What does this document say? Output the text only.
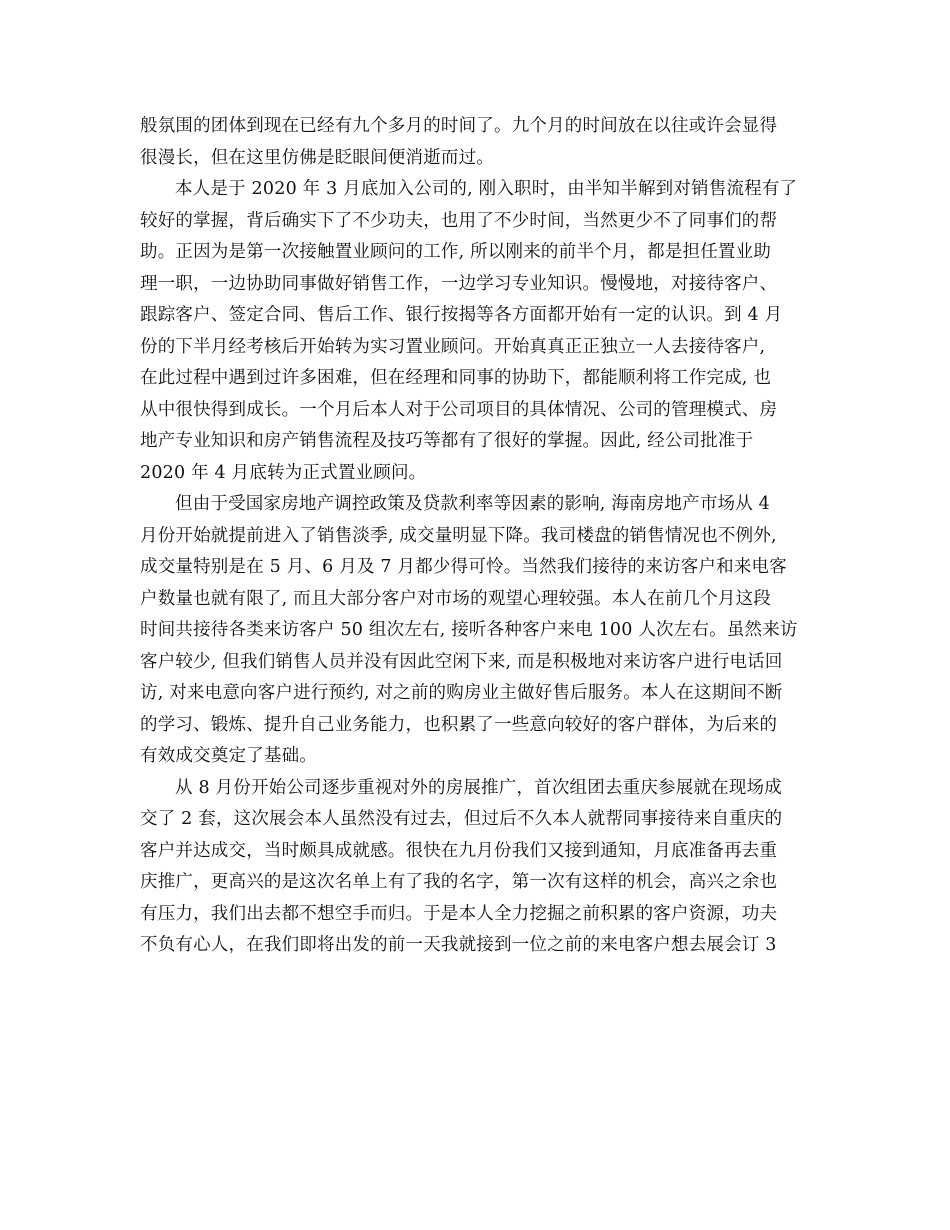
般氛围的团体到现在已经有九个多月的时间了。九个月的时间放在以往或许会显得
很漫长，但在这里仿佛是眨眼间便消逝而过。
本人是于 2020 年 3 月底加入公司的, 刚入职时，由半知半解到对销售流程有了
较好的掌握，背后确实下了不少功夫，也用了不少时间，当然更少不了同事们的帮
助。正因为是第一次接触置业顾问的工作, 所以刚来的前半个月，都是担任置业助
理一职，一边协助同事做好销售工作，一边学习专业知识。慢慢地，对接待客户、
跟踪客户、签定合同、售后工作、银行按揭等各方面都开始有一定的认识。到 4 月
份的下半月经考核后开始转为实习置业顾问。开始真真正正独立一人去接待客户,
在此过程中遇到过许多困难，但在经理和同事的协助下，都能顺利将工作完成, 也
从中很快得到成长。一个月后本人对于公司项目的具体情况、公司的管理模式、房
地产专业知识和房产销售流程及技巧等都有了很好的掌握。因此, 经公司批准于
2020 年 4 月底转为正式置业顾问。
但由于受国家房地产调控政策及贷款利率等因素的影响, 海南房地产市场从 4
月份开始就提前进入了销售淡季, 成交量明显下降。我司楼盘的销售情况也不例外,
成交量特别是在 5 月、6 月及 7 月都少得可怜。当然我们接待的来访客户和来电客
户数量也就有限了, 而且大部分客户对市场的观望心理较强。本人在前几个月这段
时间共接待各类来访客户 50 组次左右, 接听各种客户来电 100 人次左右。虽然来访
客户较少, 但我们销售人员并没有因此空闲下来, 而是积极地对来访客户进行电话回
访, 对来电意向客户进行预约, 对之前的购房业主做好售后服务。本人在这期间不断
的学习、锻炼、提升自己业务能力，也积累了一些意向较好的客户群体，为后来的
有效成交奠定了基础。
从 8 月份开始公司逐步重视对外的房展推广，首次组团去重庆参展就在现场成
交了 2 套，这次展会本人虽然没有过去，但过后不久本人就帮同事接待来自重庆的
客户并达成交，当时颇具成就感。很快在九月份我们又接到通知，月底准备再去重
庆推广，更高兴的是这次名单上有了我的名字，第一次有这样的机会，高兴之余也
有压力，我们出去都不想空手而归。于是本人全力挖掘之前积累的客户资源，功夫
不负有心人，在我们即将出发的前一天我就接到一位之前的来电客户想去展会订 3
